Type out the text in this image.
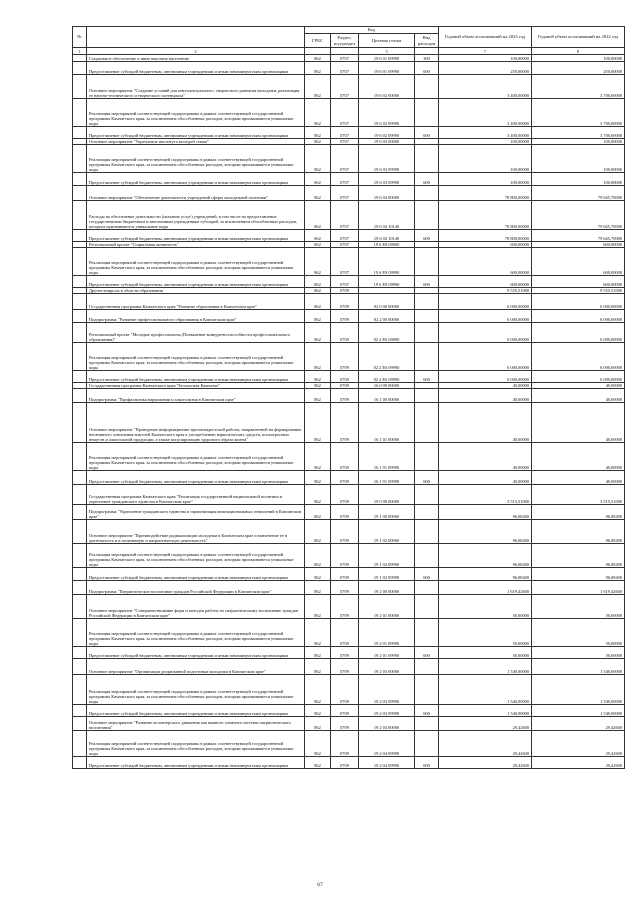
№		Код				Годовой объем ассигнований на 2023 год	Годовой объем ассигнований на 2022 год
		ГРБС	Раздел, под-раздел	Целевая статья	Вид расходов		
1	2			3		7	8
	Социальное обеспечение и иные выплаты населению	862	0707	19 6 01 09990	300	100,00000	100,00000
	Предоставление субсидий бюджетным, автономным учреждениям и иным некоммерческим организациям	862	0707	19 6 01 09990	600	250,00000	250,00000
	Основное мероприятие "Создание условий для интеллектуального, творческого развития молодежи, реализация ее научно-технического и творческого потенциала"	862	0707	19 6 02 00000		3 400,00000	3 700,00000
	Реализация мероприятий соответствующей подпрограммы в рамках соответствующей государственной программы Камчатского края, за исключением обособленных расходов, которым присваиваются уникальные коды	862	0707	19 6 02 09990		3 400,00000	3 700,00000
	Предоставление субсидий бюджетным, автономным учреждениям и иным некоммерческим организациям	862	0707	19 6 02 09990	600	3 400,00000	3 700,00000
	Основное мероприятие "Укрепление института молодой семьи"	862	0707	19 6 03 00000		100,00000	100,00000
	Реализация мероприятий соответствующей подпрограммы в рамках соответствующей государственной программы Камчатского края, за исключением обособленных расходов, которым присваиваются уникальные коды	862	0707	19 6 03 09990		100,00000	100,00000
	Предоставление субсидий бюджетным, автономным учреждениям и иным некоммерческим организациям	862	0707	19 6 03 09990	600	100,00000	100,00000
	Основное мероприятие "Обеспечение деятельности учреждений сферы молодежной политики"	862	0707	19 6 04 00000		78 800,00000	79 645,70000
	Расходы на обеспечение деятельности (оказание услуг) учреждений, в том числе на предоставление государственным бюджетным и автономным учреждениям субсидий, за исключением обособленных расходов, которым присваиваются уникальные коды	862	0707	19 6 04 10140		78 800,00000	79 645,70000
	Предоставление субсидий бюджетным, автономным учреждениям и иным некоммерческим организациям	862	0707	19 6 04 10140	600	78 800,00000	79 645,70000
	Региональный проект "Социальная активность"	862	0707	19 6 E8 00000		600,00000	600,00000
	Реализация мероприятий соответствующей подпрограммы в рамках соответствующей государственной программы Камчатского края, за исключением обособленных расходов, которым присваиваются уникальные коды	862	0707	19 6 E8 09990		600,00000	600,00000
	Предоставление субсидий бюджетным, автономным учреждениям и иным некоммерческим организациям	862	0707	19 6 E8 09990	600	600,00000	600,00000
	Другие вопросы в области образования	862	0709			9 555,51000	9 555,51000
	Государственная программа Камчатского края "Развитие образования в Камчатском крае"	862	0709	02 0 00 00000		6 000,00000	6 000,00000
	Подпрограмма "Развитие профессионального образования в Камчатском крае"	862	0709	02 2 00 00000		6 000,00000	6 000,00000
	Региональный проект "Молодые профессионалы (Повышение конкурентоспособности профессионального образования)"	862	0709	02 2 E6 00000		6 000,00000	6 000,00000
	Реализация мероприятий соответствующей подпрограммы в рамках соответствующей государственной программы Камчатского края, за исключением обособленных расходов, которым присваиваются уникальные коды	862	0709	02 2 E6 09990		6 000,00000	6 000,00000
	Предоставление субсидий бюджетным, автономным учреждениям и иным некоммерческим организациям	862	0709	02 2 E6 09990	600	6 000,00000	6 000,00000
	Государственная программа Камчатского края "Безопасная Камчатка"	862	0709	16 0 00 00000		40,00000	40,00000
	Подпрограмма "Профилактика наркомании и алкоголизма в Камчатском крае"	862	0709	16 1 00 00000		40,00000	40,00000
	Основное мероприятие "Проведение информационно-пропагандистской работы, направленной на формирование негативного отношения жителей Камчатского края к употреблению наркотических средств, психотропных веществ и алкогольной продукции, а также популяризацию здорового образа жизни"	862	0709	16 1 01 00000		40,00000	40,00000
	Реализация мероприятий соответствующей подпрограммы в рамках соответствующей государственной программы Камчатского края, за исключением обособленных расходов, которым присваиваются уникальные коды	862	0709	16 1 01 09990		40,00000	40,00000
	Предоставление субсидий бюджетным, автономным учреждениям и иным некоммерческим организациям	862	0709	16 1 01 09990	600	40,00000	40,00000
	Государственная программа Камчатского края "Реализация государственной национальной политики и укрепление гражданского единства в Камчатском крае"	862	0709	19 0 00 00000		3 515,51000	3 515,51000
	Подпрограмма "Укрепление гражданского единства и гармонизация межнациональных отношений в Камчатском крае"	862	0709	19 1 00 00000		96,08400	96,08400
	Основное мероприятие "Противодействие радикализации молодежи в Камчатском крае и вовлечение ее в деятельность и в позитивную и патриотическую деятельность"	862	0709	19 1 02 00000		96,08400	96,08400
	Реализация мероприятий соответствующей подпрограммы в рамках соответствующей государственной программы Камчатского края, за исключением обособленных расходов, которым присваиваются уникальные коды	862	0709	19 1 02 09990		96,08400	96,08400
	Предоставление субсидий бюджетным, автономным учреждениям и иным некоммерческим организациям	862	0709	19 1 02 09990	600	96,08400	96,08400
	Подпрограмма "Патриотическое воспитание граждан Российской Федерации в Камчатском крае"	862	0709	19 2 00 00000		1 619,42600	1 619,42600
	Основное мероприятие "Совершенствование форм и методов работы по патриотическому воспитанию граждан Российской Федерации в Камчатском крае"	862	0709	19 2 01 00000		50,00000	50,00000
	Реализация мероприятий соответствующей подпрограммы в рамках соответствующей государственной программы Камчатского края, за исключением обособленных расходов, которым присваиваются уникальные коды	862	0709	19 2 01 09990		50,00000	50,00000
	Предоставление субсидий бюджетным, автономным учреждениям и иным некоммерческим организациям	862	0709	19 2 01 09990	600	50,00000	50,00000
	Основное мероприятие "Организация допризывной подготовки молодежи в Камчатском крае"	862	0709	19 2 03 00000		1 540,00000	1 540,00000
	Реализация мероприятий соответствующей подпрограммы в рамках соответствующей государственной программы Камчатского края, за исключением обособленных расходов, которым присваиваются уникальные коды	862	0709	19 2 03 09990		1 540,00000	1 540,00000
	Предоставление субсидий бюджетным, автономным учреждениям и иным некоммерческим организациям	862	0709	19 2 03 09990	600	1 540,00000	1 540,00000
	Основное мероприятие "Развитие волонтерского движения как важного элемента системы патриотического воспитания"	862	0709	19 2 04 00000		29,42600	29,42600
	Реализация мероприятий соответствующей подпрограммы в рамках соответствующей государственной программы Камчатского края, за исключением обособленных расходов, которым присваиваются уникальные коды	862	0709	19 2 04 09990		29,42600	29,42600
	Предоставление субсидий бюджетным, автономным учреждениям и иным некоммерческим организациям	862	0709	19 2 04 09990	600	29,42600	29,42600
67
